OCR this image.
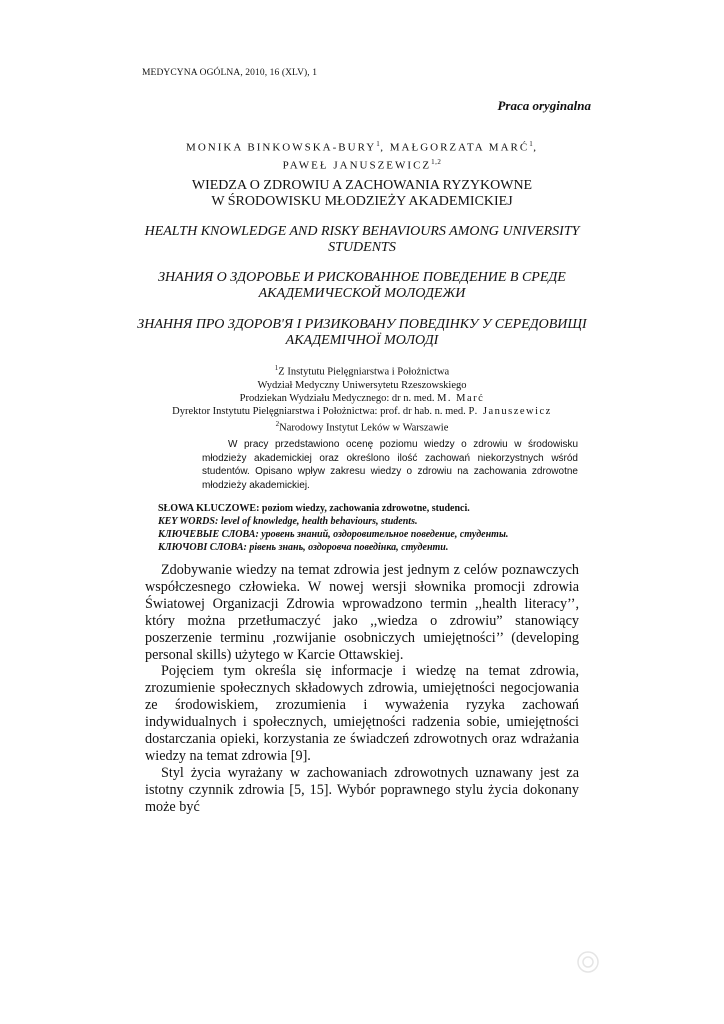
MEDYCYNA OGÓLNA, 2010, 16 (XLV), 1
Praca oryginalna
MONIKA BINKOWSKA-BURY$^1$, MAŁGORZATA MARĆ$^1$,
PAWEŁ JANUSZEWICZ$^{1,2}$
WIEDZA O ZDROWIU A ZACHOWANIA RYZYKOWNE
W ŚRODOWISKU MŁODZIEŻY AKADEMICKIEJ
HEALTH KNOWLEDGE AND RISKY BEHAVIOURS AMONG UNIVERSITY
STUDENTS
ЗНАНИЯ О ЗДОРОВЬЕ И РИСКОВАННОЕ ПОВЕДЕНИЕ В СРЕДЕ
АКАДЕМИЧЕСКОЙ МОЛОДЕЖИ
ЗНАННЯ ПРО ЗДОРОВ'Я І РИЗИКОВАНУ ПОВЕДІНКУ У СЕРЕДОВИЩІ
АКАДЕМІЧНОЇ МОЛОДІ
$^1$Z Instytutu Pielęgniarstwa i Położnictwa
Wydział Medyczny Uniwersytetu Rzeszowskiego
Prodziekan Wydziału Medycznego: dr n. med. M. Marć
Dyrektor Instytutu Pielęgniarstwa i Położnictwa: prof. dr hab. n. med. P. Januszewicz
$^2$Narodowy Instytut Leków w Warszawie
W pracy przedstawiono ocenę poziomu wiedzy o zdrowiu w środowisku młodzieży akademickiej oraz określono ilość zachowań niekorzystnych wśród studentów. Opisano wpływ zakresu wiedzy o zdrowiu na zachowania zdrowotne młodzieży akademickiej.
SŁOWA KLUCZOWE: poziom wiedzy, zachowania zdrowotne, studenci.
KEY WORDS: level of knowledge, health behaviours, students.
КЛЮЧЕВЫЕ СЛОВА: уровень знаний, оздоровительное поведение, студенты.
КЛЮЧОВІ СЛОВА: рівень знань, оздоровча поведінка, студенти.

Zdobywanie wiedzy na temat zdrowia jest jednym z celów poznawczych współczesnego człowieka. W nowej wersji słownika promocji zdrowia Światowej Organizacji Zdrowia wprowadzono termin ,,health literacy’’, który można przetłumaczyć jako ,,wiedza o zdrowiu” stanowiący poszerzenie terminu ,rozwijanie osobniczych umiejętności’’ (developing personal skills) użytego w Karcie Ottawskiej.

Pojęciem tym określa się informacje i wiedzę na temat zdrowia, zrozumienie społecznych składowych zdrowia, umiejętności negocjowania ze środowiskiem, zrozumienia i wyważenia ryzyka zachowań indywidualnych i społecznych, umiejętności radzenia sobie, umiejętności dostarczania opieki, korzystania ze świadczeń zdrowotnych oraz wdrażania wiedzy na temat zdrowia [9].

Styl życia wyrażany w zachowaniach zdrowotnych uznawany jest za istotny czynnik zdrowia [5, 15]. Wybór poprawnego stylu życia dokonany może być
